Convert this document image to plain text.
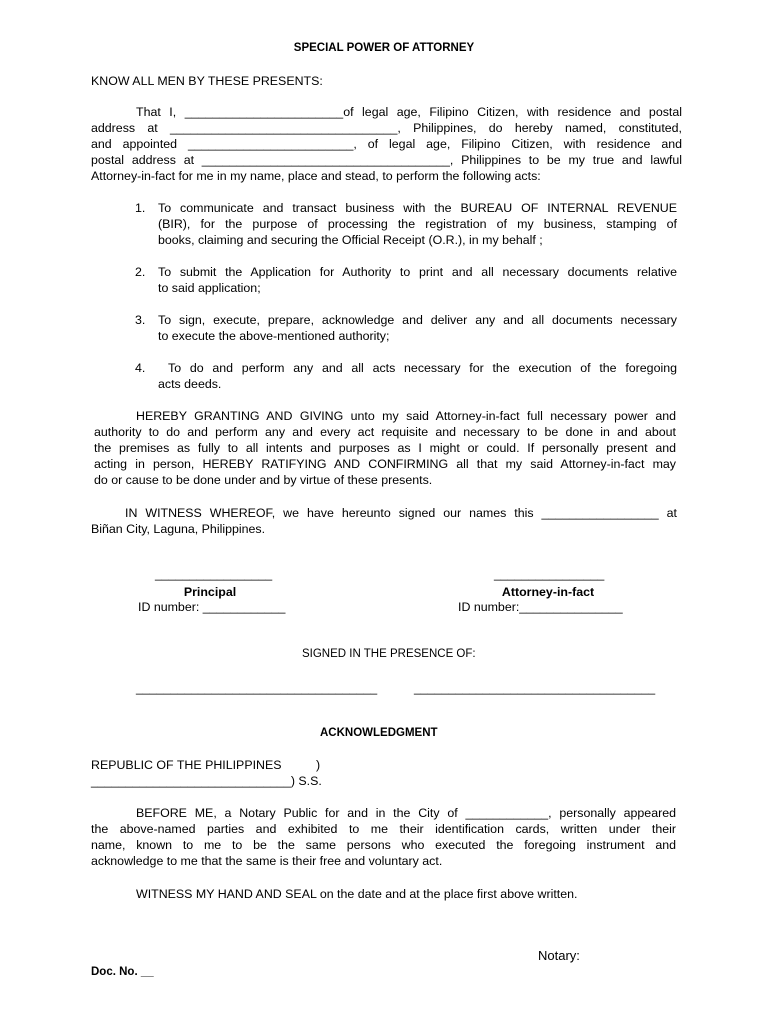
SPECIAL POWER OF ATTORNEY
KNOW ALL MEN BY THESE PRESENTS:
That I, _______________________of legal age, Filipino Citizen, with residence and postal
address at _________________________________, Philippines, do hereby named, constituted,
and appointed ________________________, of legal age, Filipino Citizen, with residence and
postal address at ____________________________________, Philippines to be my true and lawful
Attorney-in-fact for me in my name, place and stead, to perform the following acts:
1. To communicate and transact business with the BUREAU OF INTERNAL REVENUE
(BIR), for the purpose of processing the registration of my business, stamping of
books, claiming and securing the Official Receipt (O.R.), in my behalf ;
2. To submit the Application for Authority to print and all necessary documents relative
to said application;
3. To sign, execute, prepare, acknowledge and deliver any and all documents necessary
to execute the above-mentioned authority;
4. To do and perform any and all acts necessary for the execution of the foregoing
acts deeds.
HEREBY GRANTING AND GIVING unto my said Attorney-in-fact full necessary power and
authority to do and perform any and every act requisite and necessary to be done in and about
the premises as fully to all intents and purposes as I might or could. If personally present and
acting in person, HEREBY RATIFYING AND CONFIRMING all that my said Attorney-in-fact may
do or cause to be done under and by virtue of these presents.
IN WITNESS WHEREOF, we have hereunto signed our names this _________________ at
Biñan City, Laguna, Philippines.
_________________
Principal
ID number: ____________
________________
Attorney-in-fact
ID number:_______________
SIGNED IN THE PRESENCE OF:
___________________________________	___________________________________
ACKNOWLEDGMENT
REPUBLIC OF THE PHILIPPINES	)
_____________________________) S.S.
BEFORE ME, a Notary Public for and in the City of ____________, personally appeared
the above-named parties and exhibited to me their identification cards, written under their
name, known to me to be the same persons who executed the foregoing instrument and
acknowledge to me that the same is their free and voluntary act.
WITNESS MY HAND AND SEAL on the date and at the place first above written.
Notary:
Doc. No. __
